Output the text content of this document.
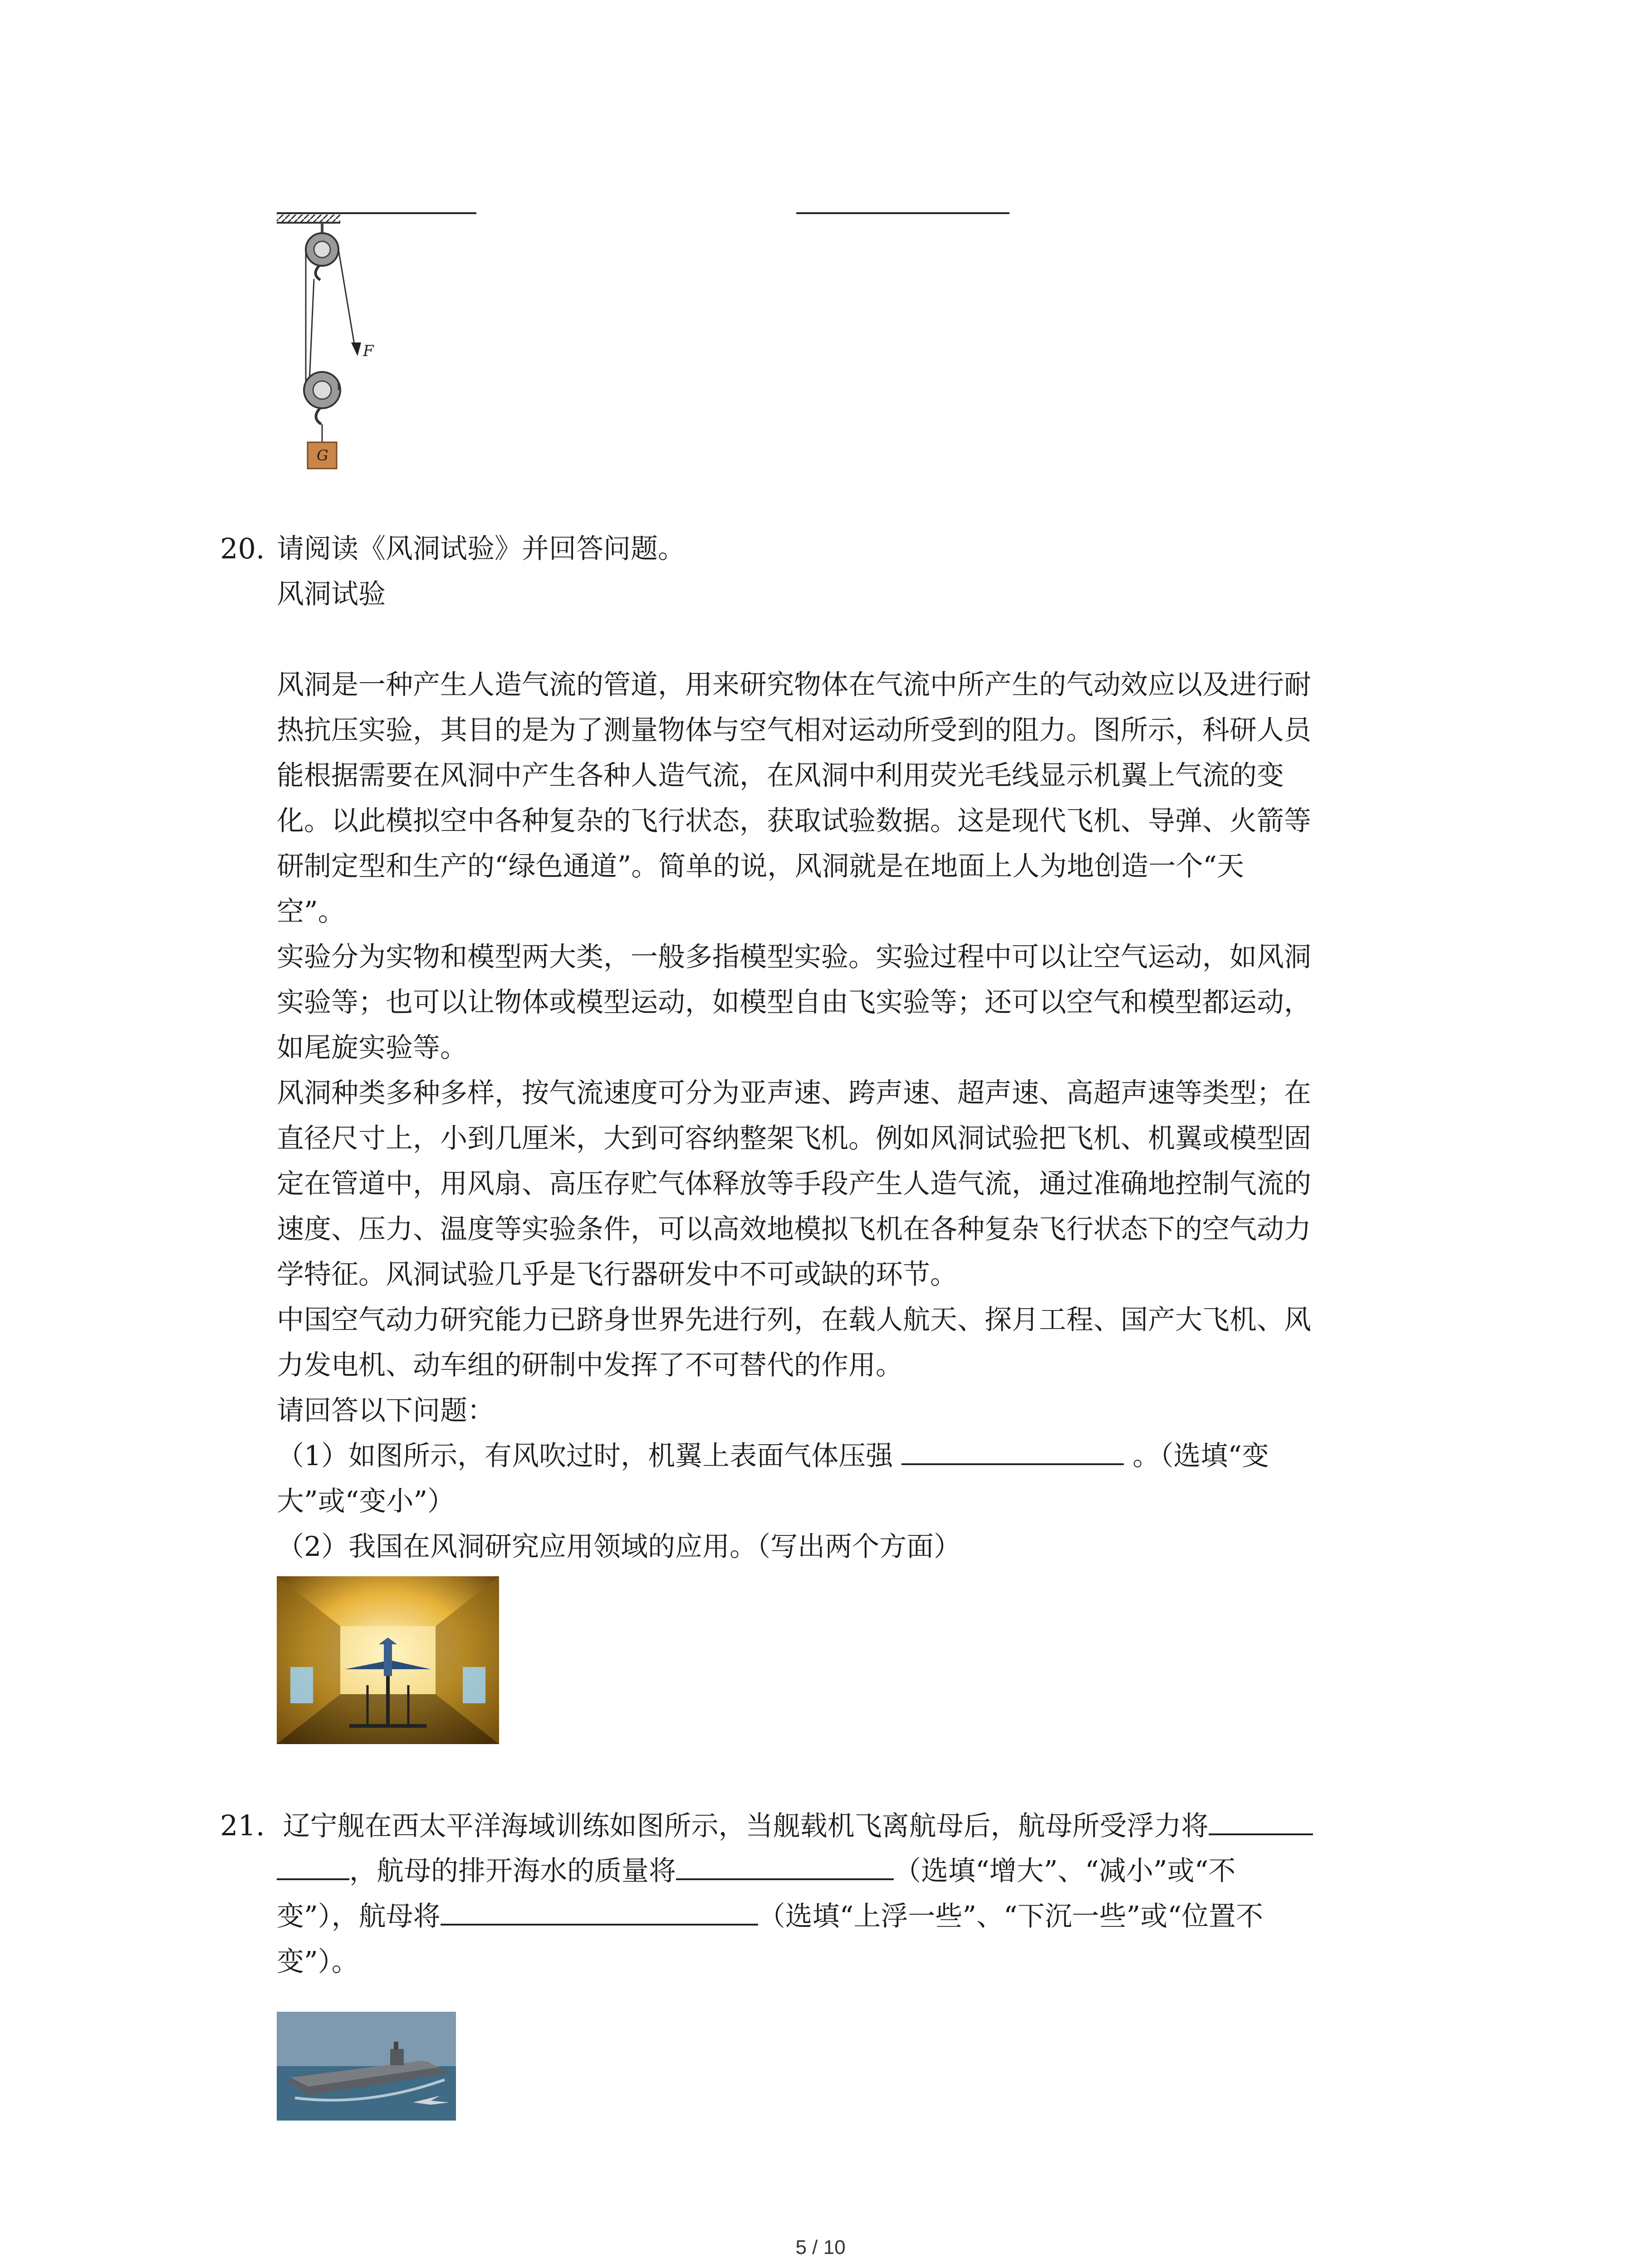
F
G
20. 请阅读《风洞试验》并回答问题。
风洞试验
风洞是一种产生人造气流的管道，用来研究物体在气流中所产生的气动效应以及进行耐
热抗压实验，其目的是为了测量物体与空气相对运动所受到的阻力。图所示，科研人员
能根据需要在风洞中产生各种人造气流，在风洞中利用荧光毛线显示机翼上气流的变
化。以此模拟空中各种复杂的飞行状态，获取试验数据。这是现代飞机、导弹、火箭等
研制定型和生产的“绿色通道”。简单的说，风洞就是在地面上人为地创造一个“天
空”。
实验分为实物和模型两大类，一般多指模型实验。实验过程中可以让空气运动，如风洞
实验等；也可以让物体或模型运动，如模型自由飞实验等；还可以空气和模型都运动，
如尾旋实验等。
风洞种类多种多样，按气流速度可分为亚声速、跨声速、超声速、高超声速等类型；在
直径尺寸上，小到几厘米，大到可容纳整架飞机。例如风洞试验把飞机、机翼或模型固
定在管道中，用风扇、高压存贮气体释放等手段产生人造气流，通过准确地控制气流的
速度、压力、温度等实验条件，可以高效地模拟飞机在各种复杂飞行状态下的空气动力
学特征。风洞试验几乎是飞行器研发中不可或缺的环节。
中国空气动力研究能力已跻身世界先进行列，在载人航天、探月工程、国产大飞机、风
力发电机、动车组的研制中发挥了不可替代的作用。
请回答以下问题：
（1）如图所示，有风吹过时，机翼上表面气体压强	。（选填“变
大”或“变小”）
（2）我国在风洞研究应用领域的应用。（写出两个方面）
21. 辽宁舰在西太平洋海域训练如图所示，当舰载机飞离航母后，航母所受浮力将
，航母的排开海水的质量将	（选填“增大”、“减小”或“不
变”），航母将	（选填“上浮一些”、“下沉一些”或“位置不
变”）。
5 / 10
